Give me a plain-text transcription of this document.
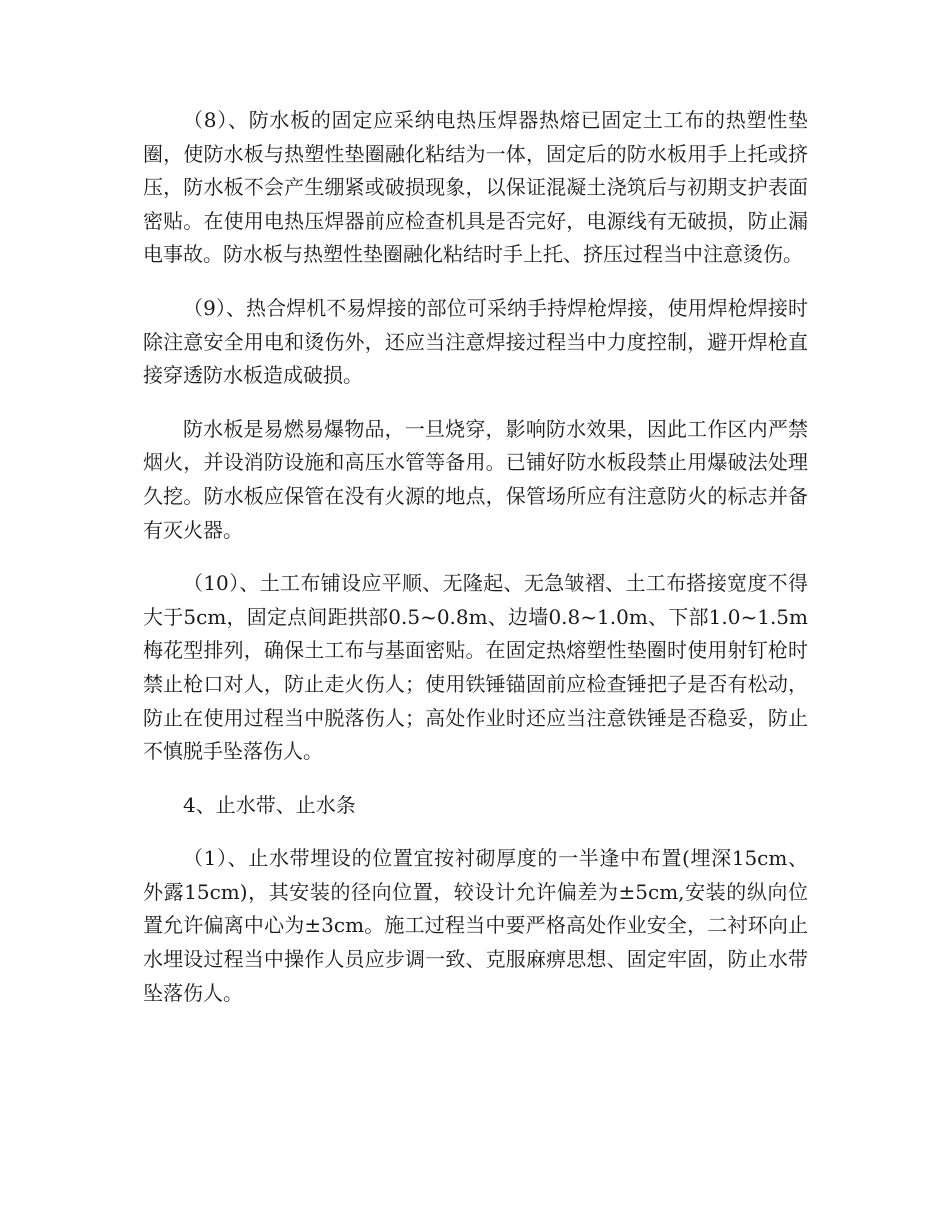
（8）、防水板的固定应采纳电热压焊器热熔已固定土工布的热塑性垫圈，使防水板与热塑性垫圈融化粘结为一体，固定后的防水板用手上托或挤压，防水板不会产生绷紧或破损现象，以保证混凝土浇筑后与初期支护表面密贴。在使用电热压焊器前应检查机具是否完好，电源线有无破损，防止漏电事故。防水板与热塑性垫圈融化粘结时手上托、挤压过程当中注意烫伤。

（9）、热合焊机不易焊接的部位可采纳手持焊枪焊接，使用焊枪焊接时除注意安全用电和烫伤外，还应当注意焊接过程当中力度控制，避开焊枪直接穿透防水板造成破损。

防水板是易燃易爆物品，一旦烧穿，影响防水效果，因此工作区内严禁烟火，并设消防设施和高压水管等备用。已铺好防水板段禁止用爆破法处理久挖。防水板应保管在没有火源的地点，保管场所应有注意防火的标志并备有灭火器。

（10）、土工布铺设应平顺、无隆起、无急皱褶、土工布搭接宽度不得大于5cm，固定点间距拱部0.5~0.8m、边墙0.8~1.0m、下部1.0~1.5m梅花型排列，确保土工布与基面密贴。在固定热熔塑性垫圈时使用射钉枪时禁止枪口对人，防止走火伤人；使用铁锤锚固前应检查锤把子是否有松动，防止在使用过程当中脱落伤人；高处作业时还应当注意铁锤是否稳妥，防止不慎脱手坠落伤人。

4、止水带、止水条

（1）、止水带埋设的位置宜按衬砌厚度的一半逢中布置(埋深15cm、外露15cm)，其安装的径向位置，较设计允许偏差为±5cm,安装的纵向位置允许偏离中心为±3cm。施工过程当中要严格高处作业安全，二衬环向止水埋设过程当中操作人员应步调一致、克服麻痹思想、固定牢固，防止水带坠落伤人。
